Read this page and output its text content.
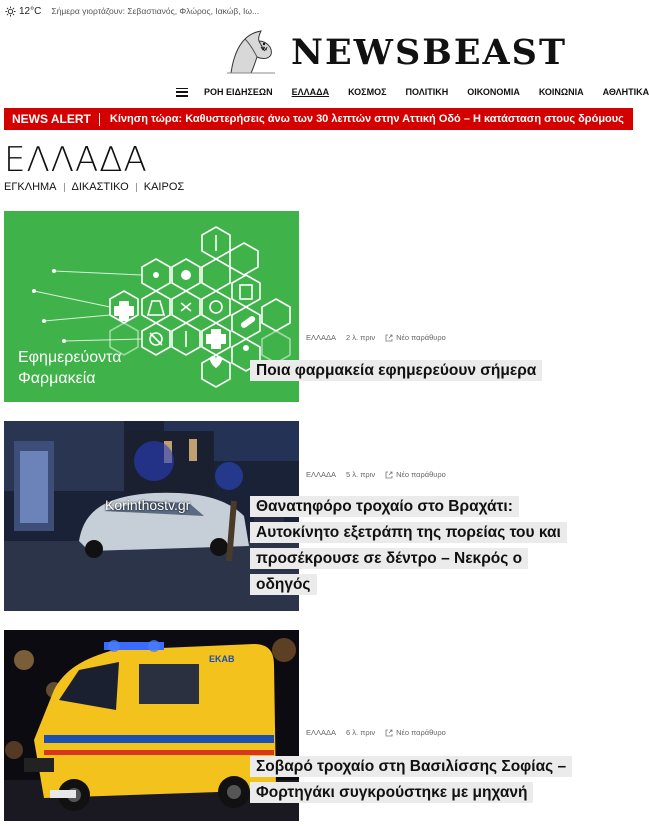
12°C Σήμερα γιορτάζουν: Σεβαστιανός, Φλώρος, Ιακώβ, Ιω...
NEWSBEAST
ΡΟΗ ΕΙΔΗΣΕΩΝ ΕΛΛΑΔΑ ΚΟΣΜΟΣ ΠΟΛΙΤΙΚΗ ΟΙΚΟΝΟΜΙΑ ΚΟΙΝΩΝΙΑ ΑΘΛΗΤΙΚΑ
NEWS ALERT	Κίνηση τώρα: Καθυστερήσεις άνω των 30 λεπτών στην Αττική Οδό – Η κατάσταση στους δρόμους
ΕΛΛΑΔΑ
ΕΓΚΛΗΜΑ ΔΙΚΑΣΤΙΚΟ ΚΑΙΡΟΣ
Εφημερεύοντα
Φαρμακεία
ΕΛΛΑΔΑ 2 λ. πριν	Νέο παράθυρο
Ποια φαρμακεία εφημερεύουν σήμερα
Korinthostv.gr
ΕΛΛΑΔΑ 5 λ. πριν	Νέο παράθυρο
Θανατηφόρο τροχαίο στο Βραχάτι:
Αυτοκίνητο εξετράπη της πορείας του και
προσέκρουσε σε δέντρο – Νεκρός ο
οδηγός
ΕΚΑΒ
ΕΛΛΑΔΑ 6 λ. πριν	Νέο παράθυρο
Σοβαρό τροχαίο στη Βασιλίσσης Σοφίας –
Φορτηγάκι συγκρούστηκε με μηχανή
